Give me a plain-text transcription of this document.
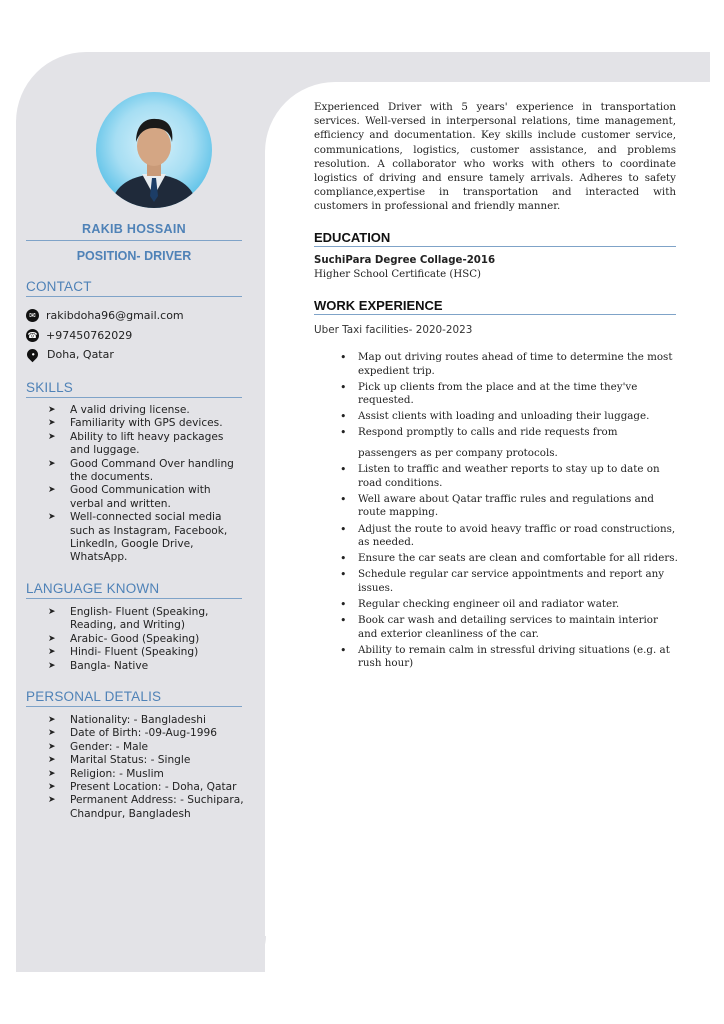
RAKIB HOSSAIN
POSITION- DRIVER
CONTACT
✉ rakibdoha96@gmail.com
☎ +97450762029
• Doha, Qatar
SKILLS
➤ A valid driving license.
➤ Familiarity with GPS devices.
➤ Ability to lift heavy packages and luggage.
➤ Good Command Over handling the documents.
➤ Good Communication with verbal and written.
➤ Well-connected social media such as Instagram, Facebook, LinkedIn, Google Drive, WhatsApp.
LANGUAGE KNOWN
➤ English- Fluent (Speaking, Reading, and Writing)
➤ Arabic- Good (Speaking)
➤ Hindi- Fluent (Speaking)
➤ Bangla- Native
PERSONAL DETALIS
➤ Nationality: - Bangladeshi
➤ Date of Birth: -09-Aug-1996
➤ Gender: - Male
➤ Marital Status: - Single
➤ Religion: - Muslim
➤ Present Location: - Doha, Qatar
➤ Permanent Address: - Suchipara, Chandpur, Bangladesh

Experienced Driver with 5 years' experience in transportation services. Well-versed in interpersonal relations, time management, efficiency and documentation. Key skills include customer service, communications, logistics, customer assistance, and problems resolution. A collaborator who works with others to coordinate logistics of driving and ensure tamely arrivals. Adheres to safety compliance,expertise in transportation and interacted with customers in professional and friendly manner.

EDUCATION
SuchiPara Degree Collage-2016
Higher School Certificate (HSC)
WORK EXPERIENCE
Uber Taxi facilities- 2020-2023
• Map out driving routes ahead of time to determine the most expedient trip.
• Pick up clients from the place and at the time they've requested.
• Assist clients with loading and unloading their luggage.
• Respond promptly to calls and ride requests from
passengers as per company protocols.
• Listen to traffic and weather reports to stay up to date on road conditions.
• Well aware about Qatar traffic rules and regulations and route mapping.
• Adjust the route to avoid heavy traffic or road constructions, as needed.
• Ensure the car seats are clean and comfortable for all riders.
• Schedule regular car service appointments and report any issues.
• Regular checking engineer oil and radiator water.
• Book car wash and detailing services to maintain interior and exterior cleanliness of the car.
• Ability to remain calm in stressful driving situations (e.g. at rush hour)
